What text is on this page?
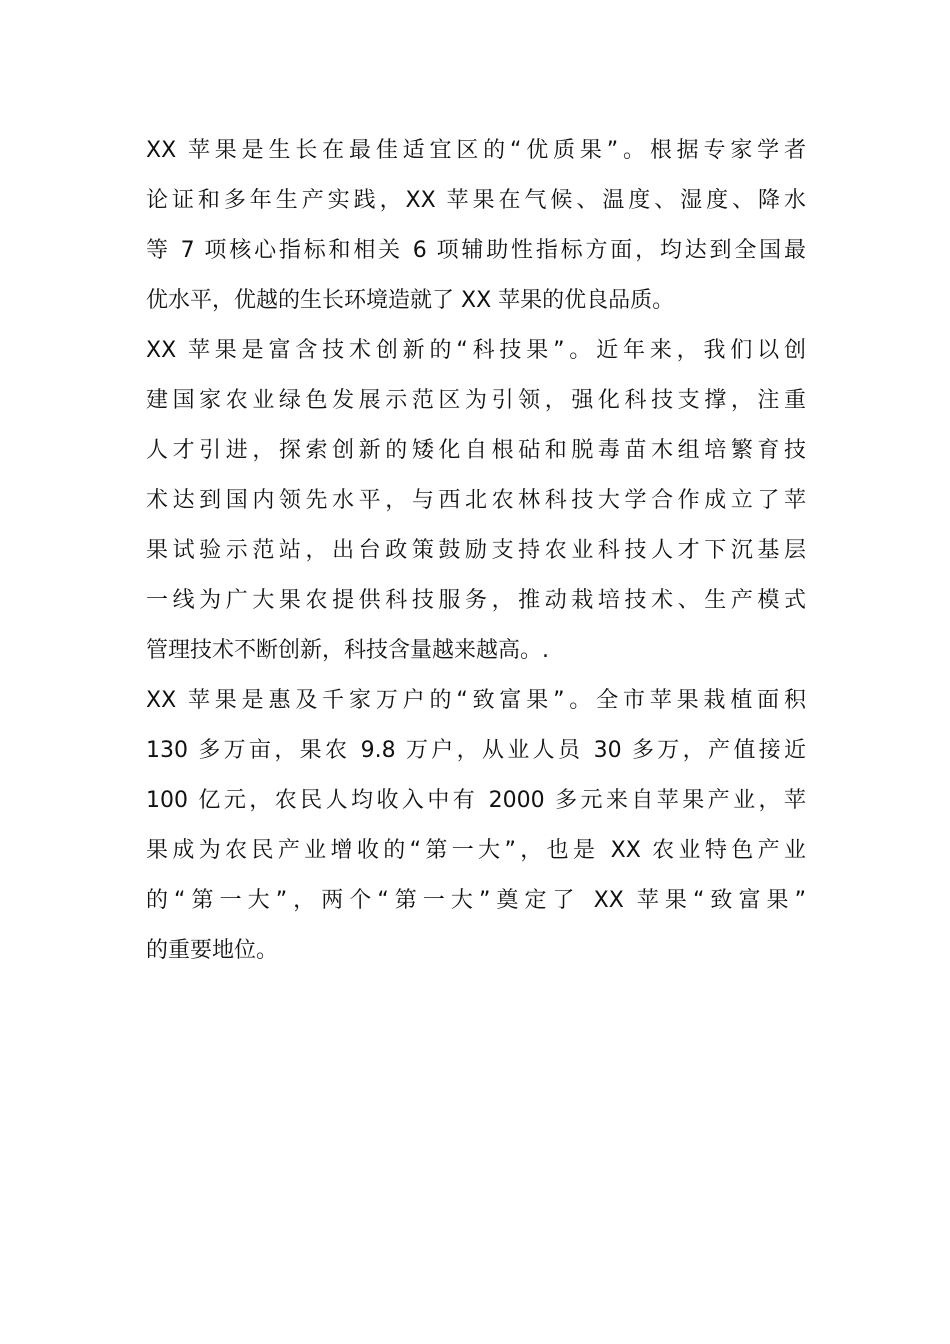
XX 苹果是生长在最佳适宜区的“优质果”。根据专家学者
论证和多年生产实践，XX 苹果在气候、温度、湿度、降水
等 7 项核心指标和相关 6 项辅助性指标方面，均达到全国最
优水平，优越的生长环境造就了 XX 苹果的优良品质。
XX 苹果是富含技术创新的“科技果”。近年来，我们以创
建国家农业绿色发展示范区为引领，强化科技支撑，注重
人才引进，探索创新的矮化自根砧和脱毒苗木组培繁育技
术达到国内领先水平，与西北农林科技大学合作成立了苹
果试验示范站，出台政策鼓励支持农业科技人才下沉基层
一线为广大果农提供科技服务，推动栽培技术、生产模式
管理技术不断创新，科技含量越来越高。.
XX 苹果是惠及千家万户的“致富果”。全市苹果栽植面积
130 多万亩，果农 9.8 万户，从业人员 30 多万，产值接近
100 亿元，农民人均收入中有 2000 多元来自苹果产业，苹
果成为农民产业增收的“第一大”，也是 XX 农业特色产业
的“第一大”，两个“第一大”奠定了 XX 苹果“致富果”
的重要地位。
